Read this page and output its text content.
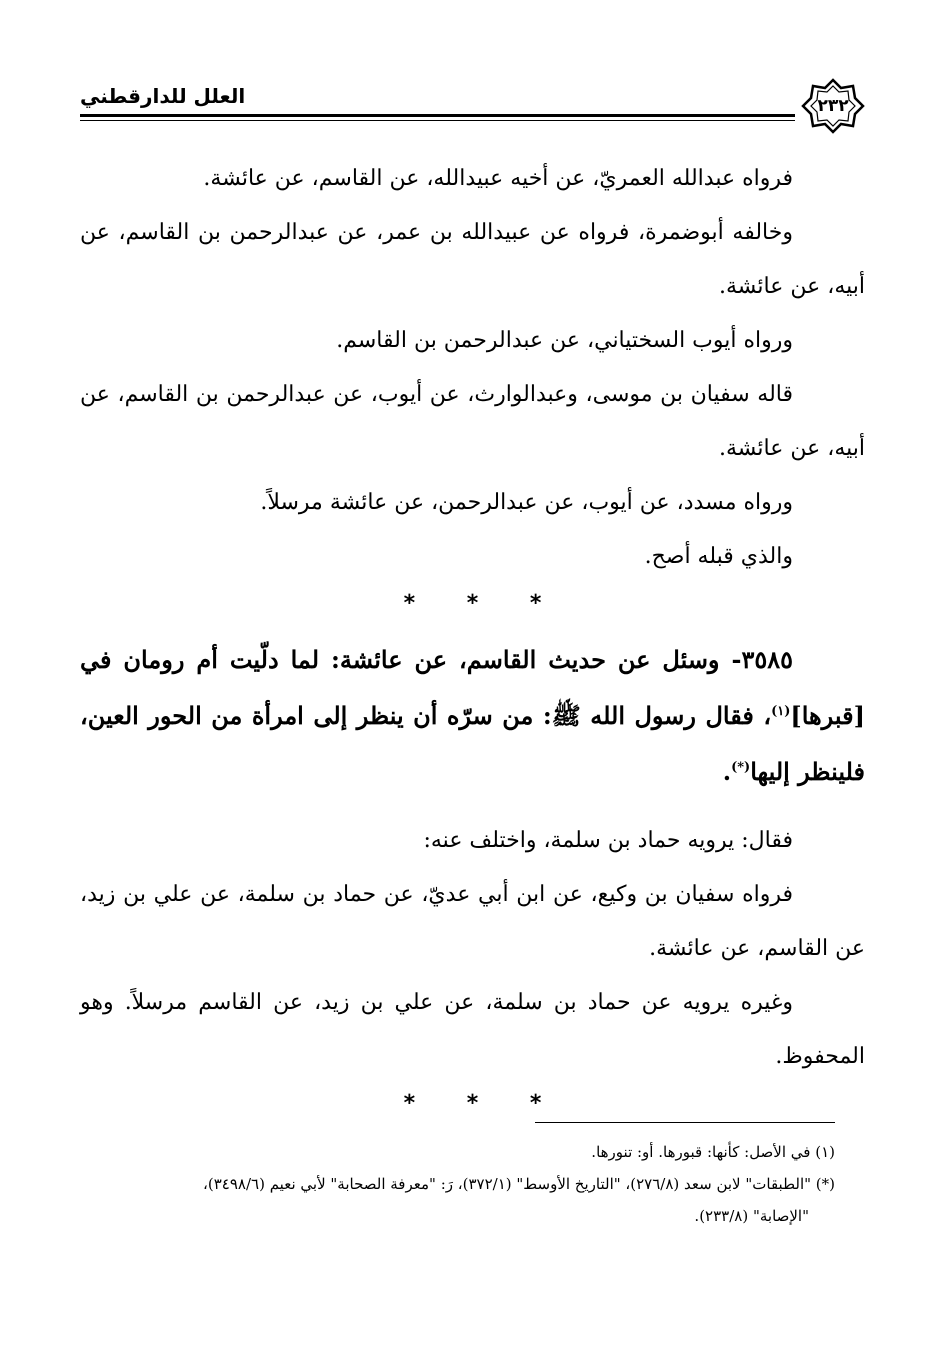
٢٣٢
العلل للدارقطني

فرواه عبدالله العمريّ، عن أخيه عبيدالله، عن القاسم، عن عائشة.

وخالفه أبوضمرة، فرواه عن عبيدالله بن عمر، عن عبدالرحمن بن القاسم، عن أبيه، عن عائشة.

ورواه أيوب السختياني، عن عبدالرحمن بن القاسم.

قاله سفيان بن موسى، وعبدالوارث، عن أيوب، عن عبدالرحمن بن القاسم، عن أبيه، عن عائشة.

ورواه مسدد، عن أيوب، عن عبدالرحمن، عن عائشة مرسلاً.

والذي قبله أصح.

* * *

٣٥٨٥- وسئل عن حديث القاسم، عن عائشة: لما دلّيت أم رومان في [قبرها]$^{(١)}$، فقال رسول الله ﷺ: من سرّه أن ينظر إلى امرأة من الحور العين، فلينظر إليها(*).

فقال: يرويه حماد بن سلمة، واختلف عنه:

فرواه سفيان بن وكيع، عن ابن أبي عديّ، عن حماد بن سلمة، عن علي بن زيد، عن القاسم، عن عائشة.

وغيره يرويه عن حماد بن سلمة، عن علي بن زيد، عن القاسم مرسلاً. وهو المحفوظ.

* * *

(١) في الأصل: كأنها: قبورها. أو: تنورها.

(*) "الطبقات" لابن سعد (٢٧٦/٨)، "التاريخ الأوسط" (٣٧٢/١)، رَ: "معرفة الصحابة" لأبي نعيم (٣٤٩٨/٦)،

"الإصابة" (٢٣٣/٨).
